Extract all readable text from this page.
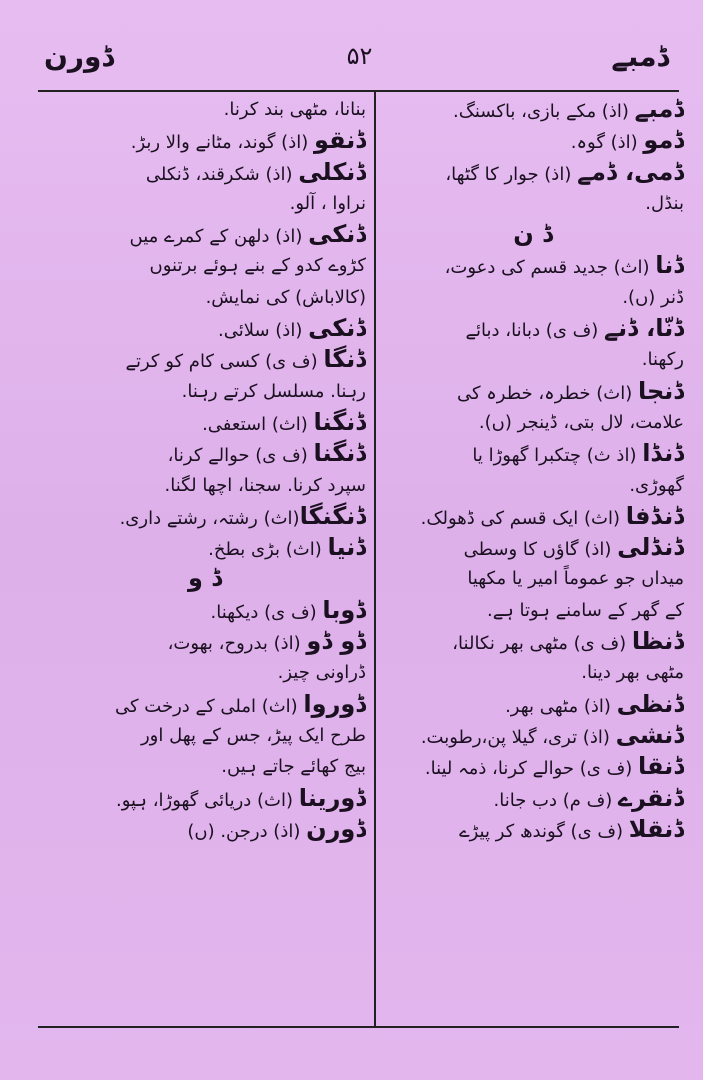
ڈورن	۵۲	ڈمبے
ڈمبے (اذ) مکے بازی، باکسنگ.
ڈمو (اذ) گوہ.
ڈمی، ڈمے (اذ) جوار کا گٹھا،
بنڈل.
ڈ ن
ڈنا (اث) جدید قسم کی دعوت،
ڈنر (ں).
ڈنّا، ڈنے (ف ی) دبانا، دبائے
رکھنا.
ڈنجا (اث) خطرہ، خطرہ کی
علامت، لال بتی، ڈینجر (ں).
ڈنڈا (اذ ث) چتکبرا گھوڑا یا
گھوڑی.
ڈنڈفا (اث) ایک قسم کی ڈھولک.
ڈنڈلی (اذ) گاؤں کا وسطی
میداں جو عموماً امیر یا مکھیا
کے گھر کے سامنے ہوتا ہے.
ڈنظا (ف ی) مٹھی بھر نکالنا،
مٹھی بھر دینا.
ڈنظی (اذ) مٹھی بھر.
ڈنشی (اذ) تری، گیلا پن،رطوبت.
ڈنقا (ف ی) حوالے کرنا، ذمہ لینا.
ڈنقرے (ف م) دب جانا.
ڈنقلا (ف ی) گوندھ کر پیڑے
بنانا، مٹھی بند کرنا.
ڈنقو (اذ) گوند، مٹانے والا ربڑ.
ڈنکلی (اذ) شکرقند، ڈنکلی
نراوا ، آلو.
ڈنکی (اذ) دلھن کے کمرے میں
کڑوے کدو کے بنے ہوئے برتنوں
(کالاباش) کی نمایش.
ڈنکی (اذ) سلائی.
ڈنگا (ف ی) کسی کام کو کرتے
رہنا. مسلسل کرتے رہنا.
ڈنگنا (اث) استعفی.
ڈنگنا (ف ی) حوالے کرنا،
سپرد کرنا. سجنا، اچھا لگنا.
ڈنگنگا(اث) رشتہ، رشتے داری.
ڈنیا (اث) بڑی بطخ.
ڈ و
ڈوبا (ف ی) دیکھنا.
ڈو ڈو (اذ) بدروح، بھوت،
ڈراونی چیز.
ڈوروا (اث) املی کے درخت کی
طرح ایک پیڑ، جس کے پھل اور
بیج کھائے جاتے ہیں.
ڈورینا (اث) دریائی گھوڑا، ہپو.
ڈورن (اذ) درجن. (ں)
